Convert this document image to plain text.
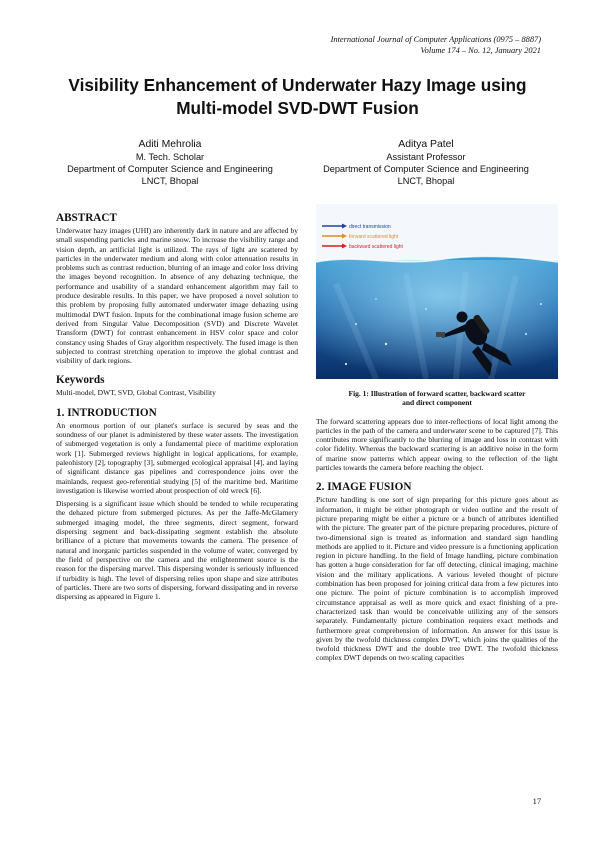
International Journal of Computer Applications (0975 – 8887)
Volume 174 – No. 12, January 2021
Visibility Enhancement of Underwater Hazy Image using
Multi-model SVD-DWT Fusion
Aditi Mehrolia
M. Tech. Scholar
Department of Computer Science and Engineering
LNCT, Bhopal
Aditya Patel
Assistant Professor
Department of Computer Science and Engineering
LNCT, Bhopal
ABSTRACT

Underwater hazy images (UHI) are inherently dark in nature and are affected by small suspending particles and marine snow. To increase the visibility range and vision depth, an artificial light is utilized. The rays of light are scattered by particles in the underwater medium and along with color attenuation results in problems such as contrast reduction, blurring of an image and color loss driving the images beyond recognition. In absence of any dehazing technique, the performance and usability of a standard enhancement algorithm may fail to produce desirable results. In this paper, we have proposed a novel solution to this problem by proposing fully automated underwater image dehazing using multimodal DWT fusion. Inputs for the combinational image fusion scheme are derived from Singular Value Decomposition (SVD) and Discrete Wavelet Transform (DWT) for contrast enhancement in HSV color space and color constancy using Shades of Gray algorithm respectively. The fused image is then subjected to contrast stretching operation to improve the global contrast and visibility of dark regions.

Keywords

Multi-model, DWT, SVD, Global Contrast, Visibility

1. INTRODUCTION

An enormous portion of our planet's surface is secured by seas and the soundness of our planet is administered by these water assets. The investigation of submerged vegetation is only a fundamental piece of maritime exploration work [1]. Submerged reviews highlight in logical applications, for example, paleohistory [2], topography [3], submerged ecological appraisal [4], and laying of significant distance gas pipelines and correspondence joins over the mainlands, request geo-referential studying [5] of the maritime bed. Maritime investigation is likewise worried about prospection of old wreck [6].

Dispersing is a significant issue which should be tended to while recuperating the dehazed picture from submerged pictures. As per the Jaffe-McGlamery submerged imaging model, the three segments, direct segment, forward dispersing segment and back-dissipating segment establish the absolute brilliance of a picture that movements towards the camera. The presence of natural and inorganic particles suspended in the volume of water, converged by the field of perspective on the camera and the enlightenment source is the reason for the dispersing marvel. This dispersing wonder is seriously influenced if turbidity is high. The level of dispersing relies upon shape and size attributes of particles. There are two sorts of dispersing, forward dissipating and in reverse dispersing as appeared in Figure 1.

direct transmission
forward scattered light
backward scattered light
Fig. 1: Illustration of forward scatter, backward scatter
and direct component

The forward scattering appears due to inter-reflections of local light among the particles in the path of the camera and underwater scene to be captured [7]. This contributes more significantly to the blurring of image and loss in contrast with color fidelity. Whereas the backward scattering is an additive noise in the form of marine snow patterns which appear owing to the reflection of the light particles towards the camera before reaching the object.

2. IMAGE FUSION

Picture handling is one sort of sign preparing for this picture goes about as information, it might be either photograph or video outline and the result of picture preparing might be either a picture or a bunch of attributes identified with the picture. The greater part of the picture preparing procedures, picture of two-dimensional sign is treated as information and standard sign handling methods are applied to it. Picture and video pressure is a functioning application region in picture handling. In the field of Image handling, picture combination has gotten a huge consideration for far off detecting, clinical imaging, machine vision and the military applications. A various leveled thought of picture combination has been proposed for joining critical data from a few pictures into one picture. The point of picture combination is to accomplish improved circumstance appraisal as well as more quick and exact finishing of a pre-characterized task than would be conceivable utilizing any of the sensors separately. Fundamentally picture combination requires exact methods and furthermore great comprehension of information. An answer for this issue is given by the twofold thickness complex DWT, which joins the qualities of the twofold thickness DWT and the double tree DWT. The twofold thickness complex DWT depends on two scaling capacities

17
